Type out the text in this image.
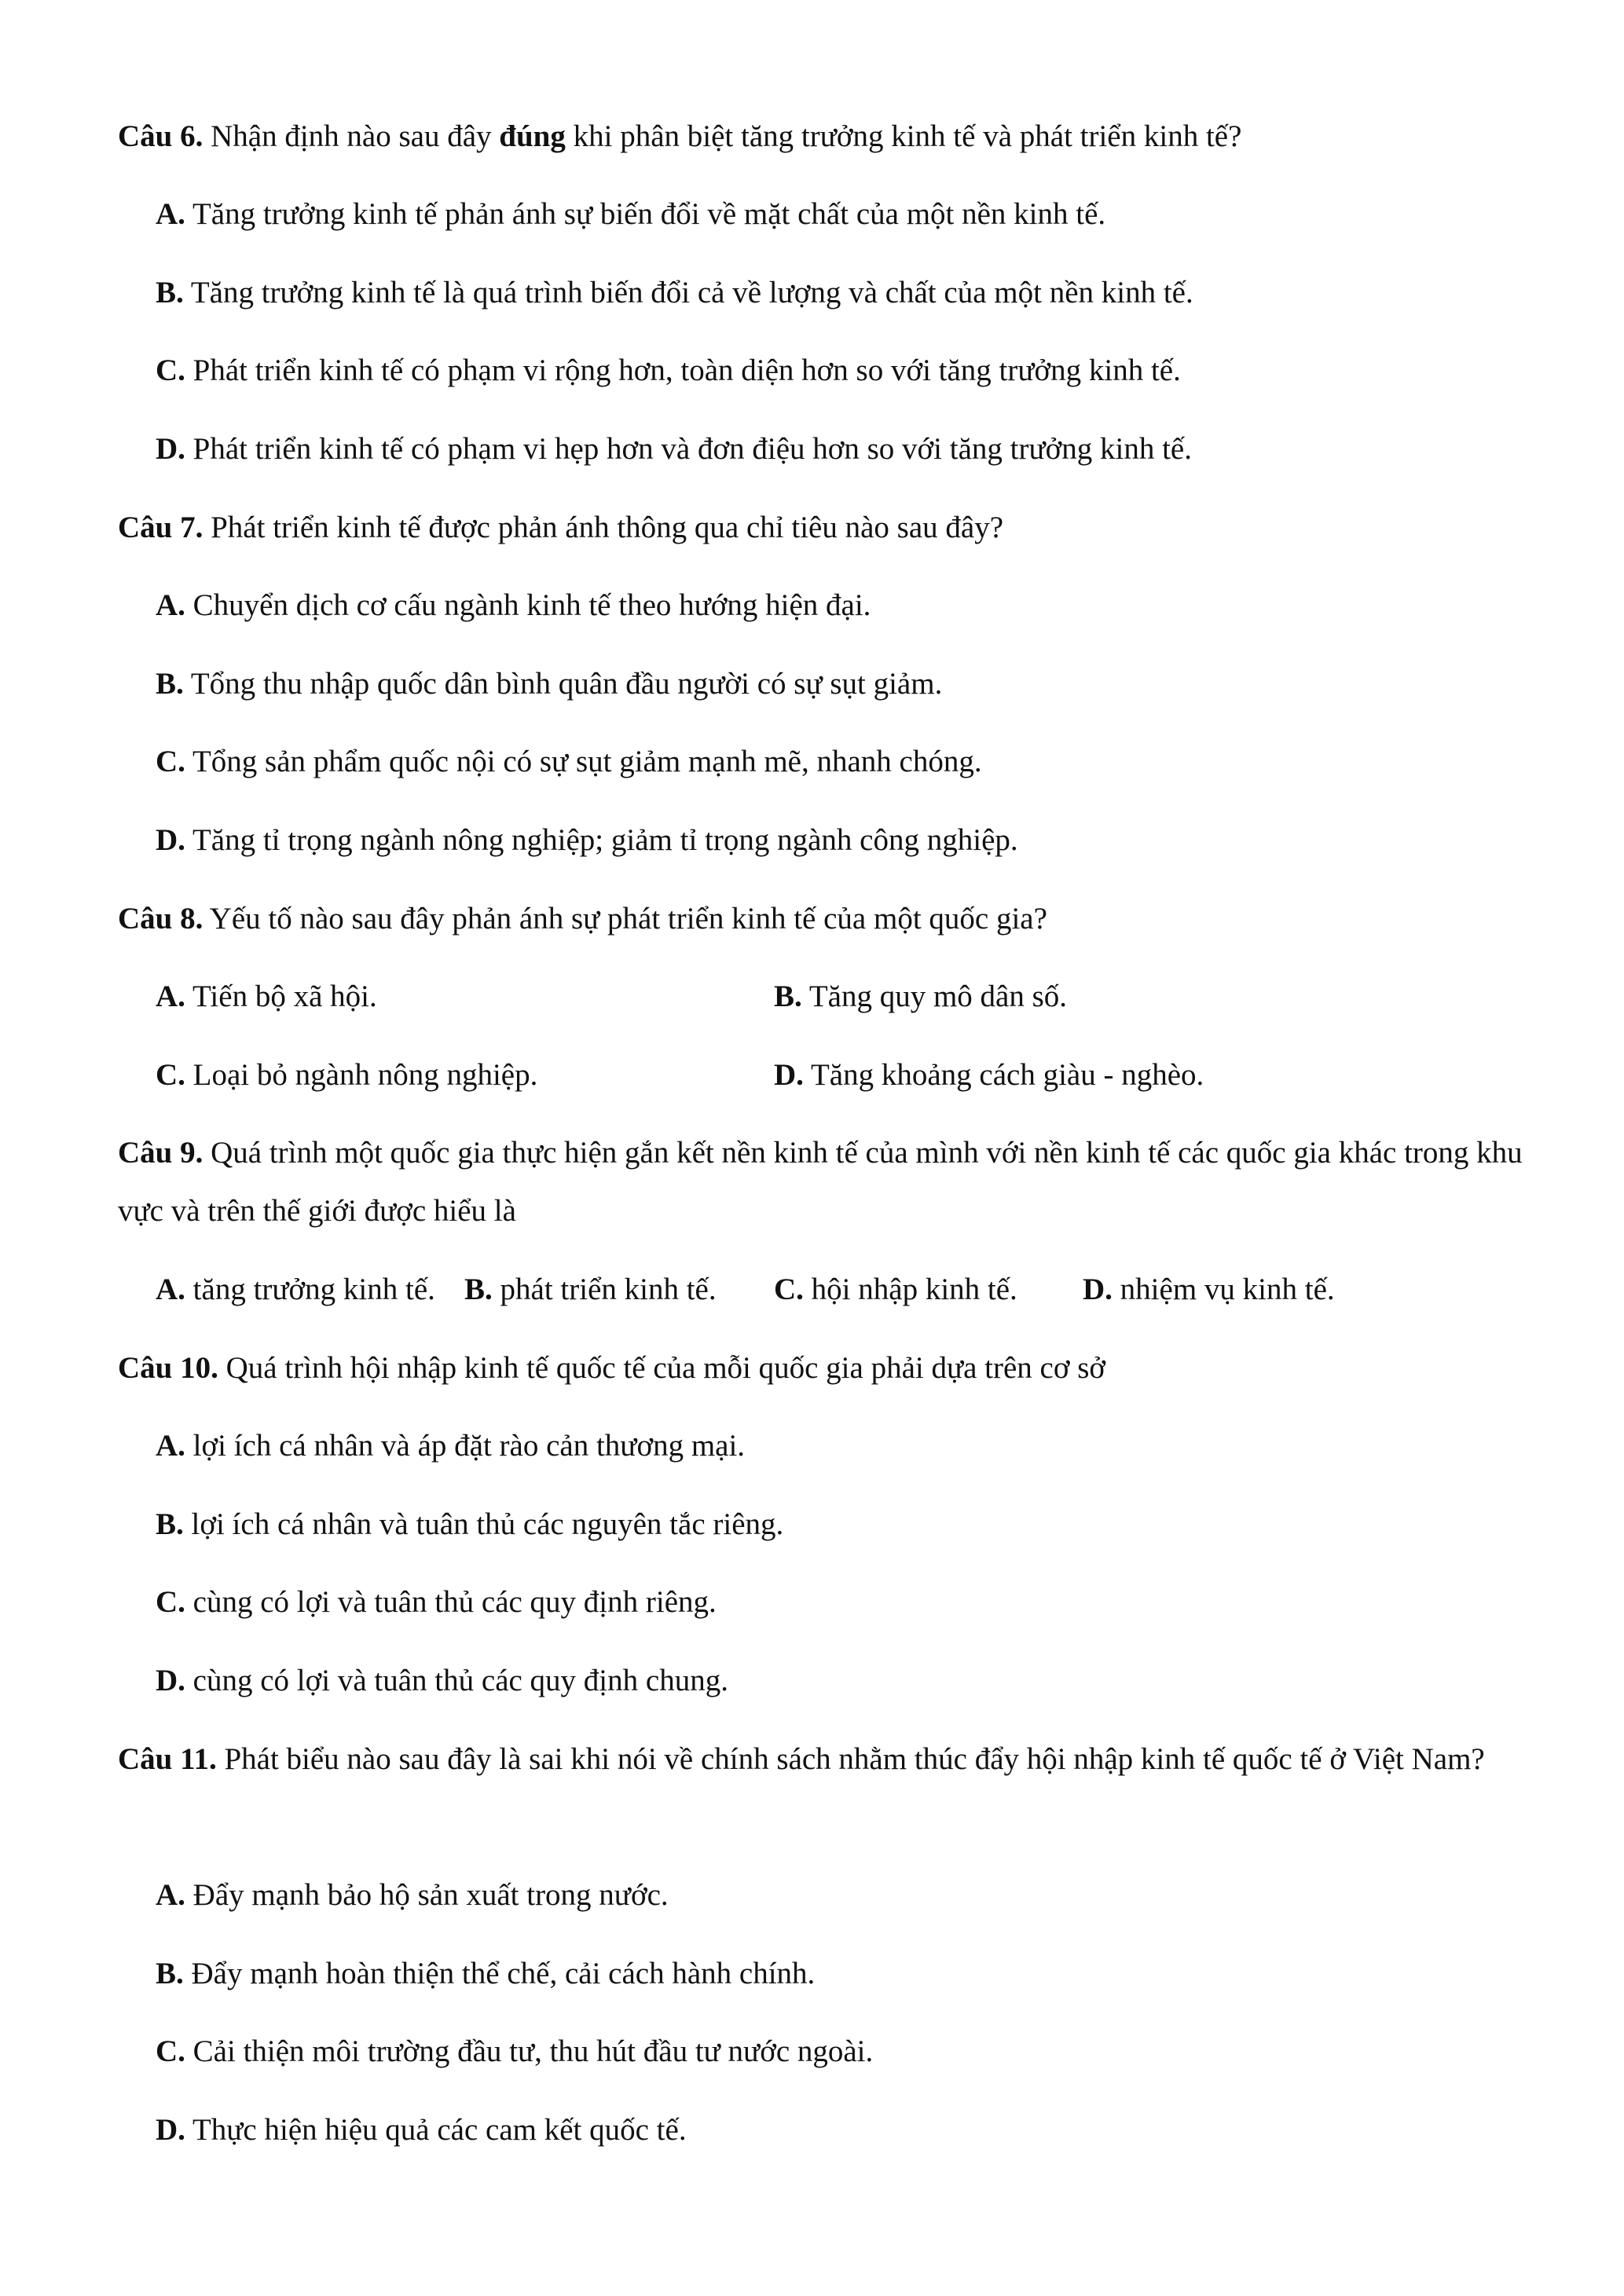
Câu 6. Nhận định nào sau đây đúng khi phân biệt tăng trưởng kinh tế và phát triển kinh tế?
A. Tăng trưởng kinh tế phản ánh sự biến đổi về mặt chất của một nền kinh tế.
B. Tăng trưởng kinh tế là quá trình biến đổi cả về lượng và chất của một nền kinh tế.
C. Phát triển kinh tế có phạm vi rộng hơn, toàn diện hơn so với tăng trưởng kinh tế.
D. Phát triển kinh tế có phạm vi hẹp hơn và đơn điệu hơn so với tăng trưởng kinh tế.
Câu 7. Phát triển kinh tế được phản ánh thông qua chỉ tiêu nào sau đây?
A. Chuyển dịch cơ cấu ngành kinh tế theo hướng hiện đại.
B. Tổng thu nhập quốc dân bình quân đầu người có sự sụt giảm.
C. Tổng sản phẩm quốc nội có sự sụt giảm mạnh mẽ, nhanh chóng.
D. Tăng tỉ trọng ngành nông nghiệp; giảm tỉ trọng ngành công nghiệp.
Câu 8. Yếu tố nào sau đây phản ánh sự phát triển kinh tế của một quốc gia?
A. Tiến bộ xã hội.	B. Tăng quy mô dân số.
C. Loại bỏ ngành nông nghiệp.	D. Tăng khoảng cách giàu - nghèo.
Câu 9. Quá trình một quốc gia thực hiện gắn kết nền kinh tế của mình với nền kinh tế các quốc gia khác trong khu vực và trên thế giới được hiểu là
A. tăng trưởng kinh tế. B. phát triển kinh tế. C. hội nhập kinh tế. D. nhiệm vụ kinh tế.
Câu 10. Quá trình hội nhập kinh tế quốc tế của mỗi quốc gia phải dựa trên cơ sở
A. lợi ích cá nhân và áp đặt rào cản thương mại.
B. lợi ích cá nhân và tuân thủ các nguyên tắc riêng.
C. cùng có lợi và tuân thủ các quy định riêng.
D. cùng có lợi và tuân thủ các quy định chung.
Câu 11. Phát biểu nào sau đây là sai khi nói về chính sách nhằm thúc đẩy hội nhập kinh tế quốc tế ở Việt Nam?
A. Đẩy mạnh bảo hộ sản xuất trong nước.
B. Đẩy mạnh hoàn thiện thể chế, cải cách hành chính.
C. Cải thiện môi trường đầu tư, thu hút đầu tư nước ngoài.
D. Thực hiện hiệu quả các cam kết quốc tế.
